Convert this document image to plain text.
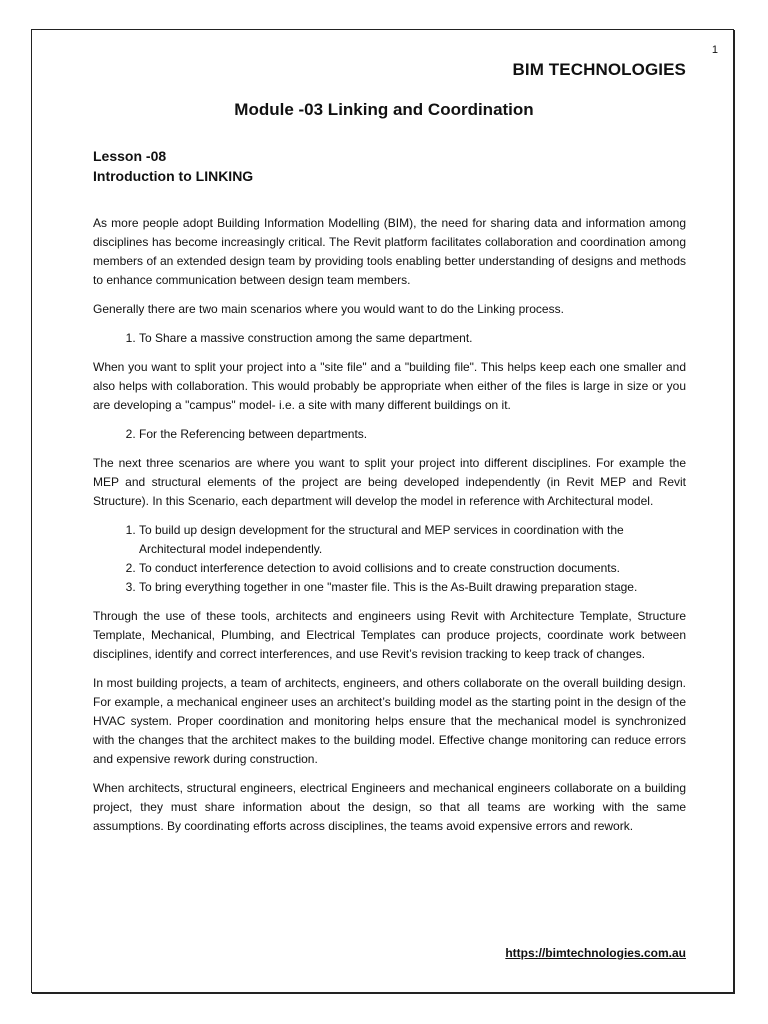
1
BIM TECHNOLOGIES
Module -03 Linking and Coordination
Lesson -08
Introduction to LINKING

As more people adopt Building Information Modelling (BIM), the need for sharing data and information among disciplines has become increasingly critical. The Revit platform facilitates collaboration and coordination among members of an extended design team by providing tools enabling better understanding of designs and methods to enhance communication between design team members.

Generally there are two main scenarios where you would want to do the Linking process.

1. To Share a massive construction among the same department.

When you want to split your project into a "site file" and a "building file". This helps keep each one smaller and also helps with collaboration. This would probably be appropriate when either of the files is large in size or you are developing a "campus" model- i.e. a site with many different buildings on it.

2. For the Referencing between departments.

The next three scenarios are where you want to split your project into different disciplines. For example the MEP and structural elements of the project are being developed independently (in Revit MEP and Revit Structure). In this Scenario, each department will develop the model in reference with Architectural model.

1. To build up design development for the structural and MEP services in coordination with the Architectural model independently.
2. To conduct interference detection to avoid collisions and to create construction documents.
3. To bring everything together in one "master file. This is the As-Built drawing preparation stage.

Through the use of these tools, architects and engineers using Revit with Architecture Template, Structure Template, Mechanical, Plumbing, and Electrical Templates can produce projects, coordinate work between disciplines, identify and correct interferences, and use Revit’s revision tracking to keep track of changes.

In most building projects, a team of architects, engineers, and others collaborate on the overall building design. For example, a mechanical engineer uses an architect’s building model as the starting point in the design of the HVAC system. Proper coordination and monitoring helps ensure that the mechanical model is synchronized with the changes that the architect makes to the building model. Effective change monitoring can reduce errors and expensive rework during construction.

When architects, structural engineers, electrical Engineers and mechanical engineers collaborate on a building project, they must share information about the design, so that all teams are working with the same assumptions. By coordinating efforts across disciplines, the teams avoid expensive errors and rework.

https://bimtechnologies.com.au
